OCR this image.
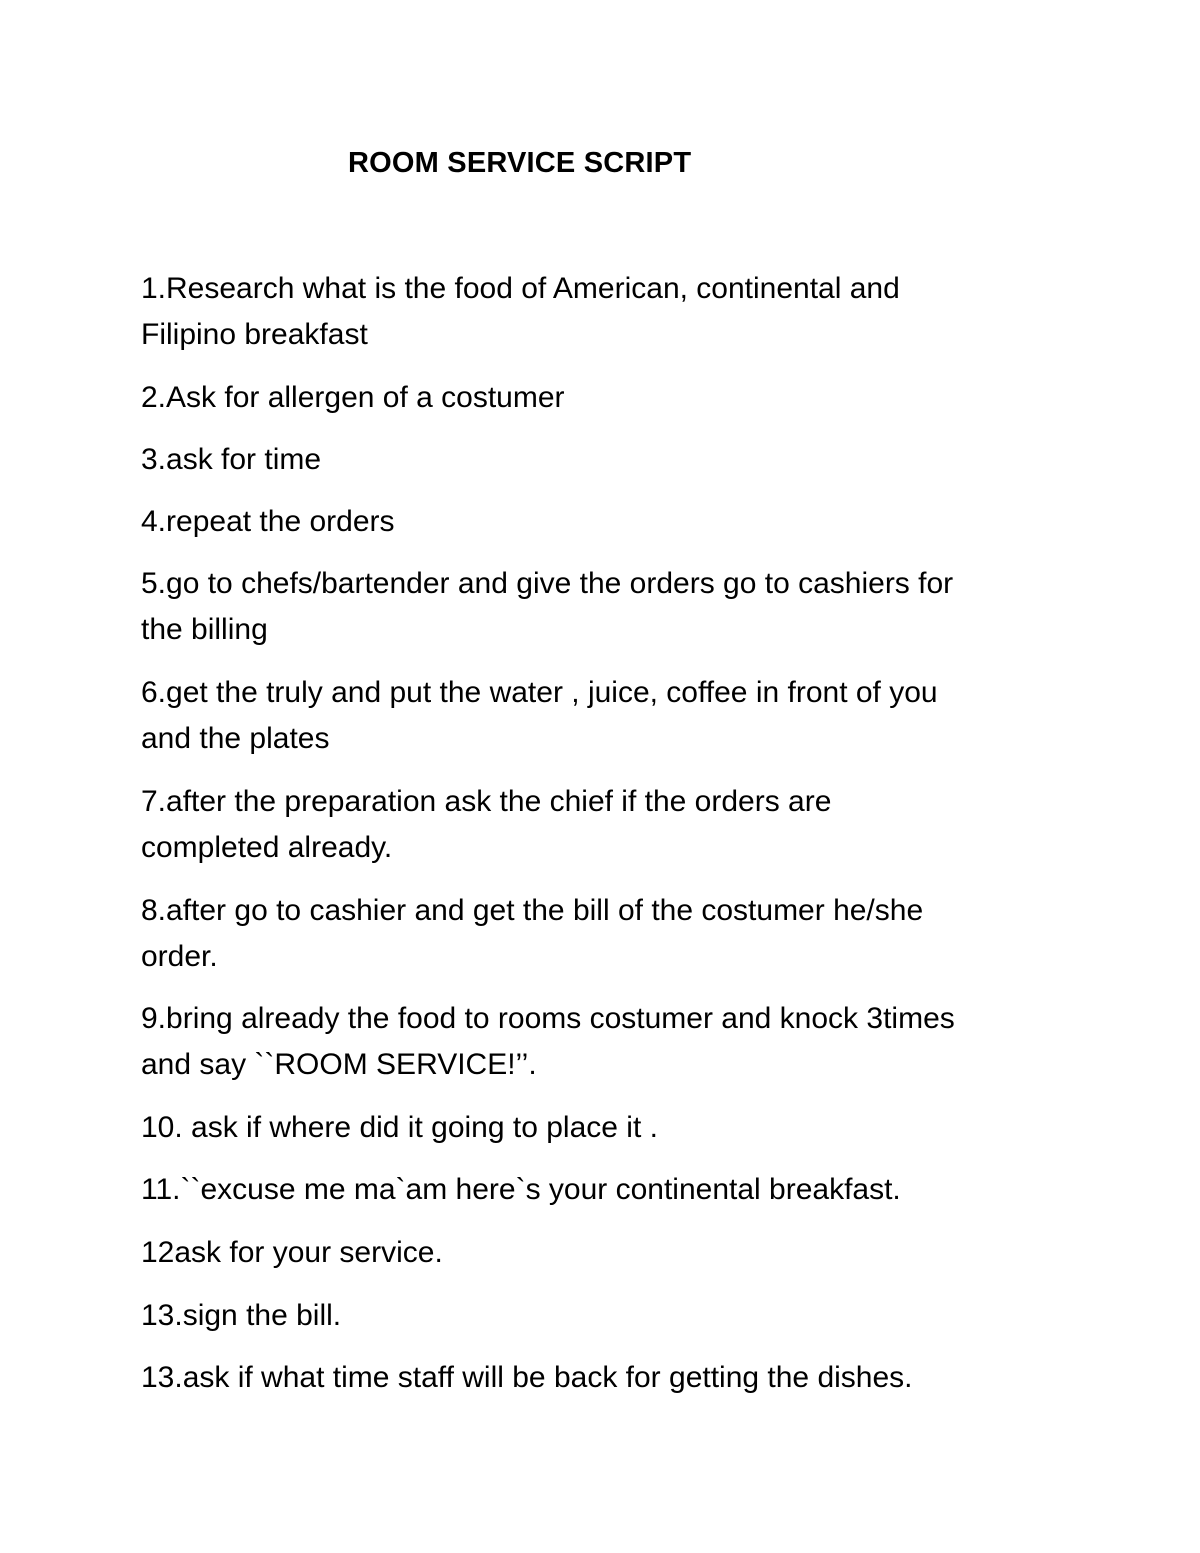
ROOM SERVICE SCRIPT
1.Research what is the food of American, continental and
Filipino breakfast
2.Ask for allergen of a costumer
3.ask for time
4.repeat the orders
5.go to chefs/bartender and give the orders go to cashiers for
the billing
6.get the truly and put the water , juice, coffee in front of you
and the plates
7.after the preparation ask the chief if the orders are
completed already.
8.after go to cashier and get the bill of the costumer he/she
order.
9.bring already the food to rooms costumer and knock 3times
and say ``ROOM SERVICE!’’.
10. ask if where did it going to place it .
11.``excuse me ma`am here`s your continental breakfast.
12ask for your service.
13.sign the bill.
13.ask if what time staff will be back for getting the dishes.
